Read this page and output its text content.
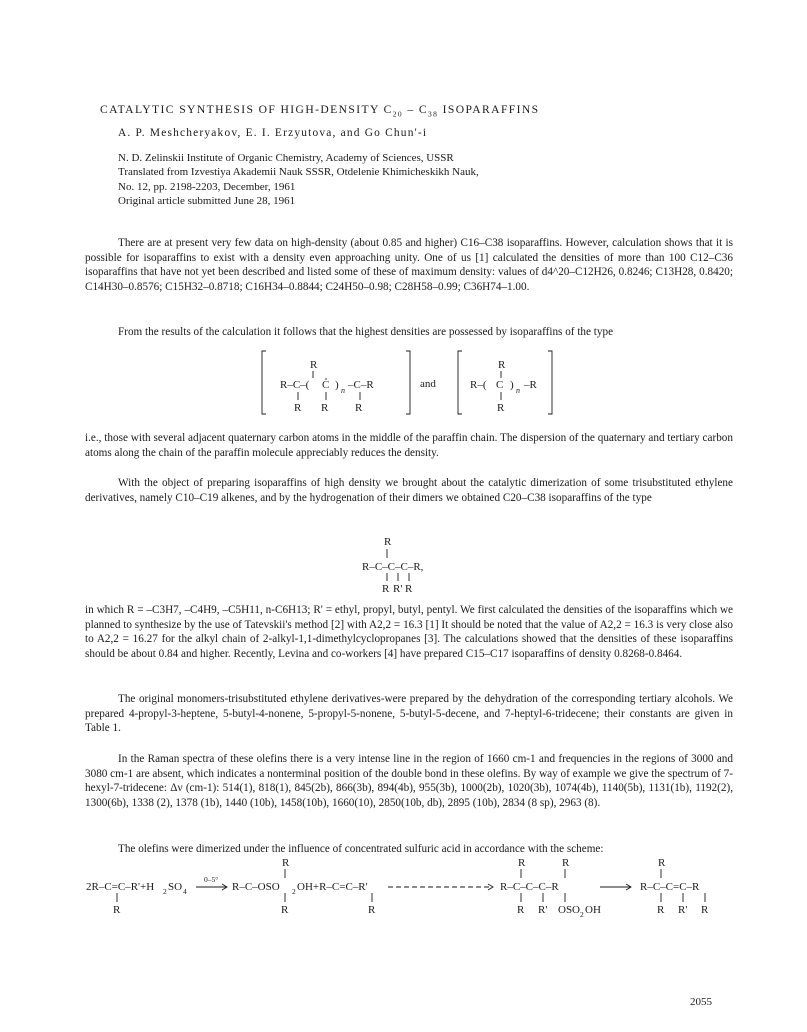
CATALYTIC SYNTHESIS OF HIGH-DENSITY $C_{20} - C_{38}$ ISOPARAFFINS
A. P. Meshcheryakov, E. I. Erzyutova, and Go Chun'-i
N. D. Zelinskii Institute of Organic Chemistry, Academy of Sciences, USSR
Translated from Izvestiya Akademii Nauk SSSR, Otdelenie Khimicheskikh Nauk,
No. 12, pp. 2198-2203, December, 1961
Original article submitted June 28, 1961
There are at present very few data on high-density (about 0.85 and higher) C16–C38 isoparaffins. However, calculation shows that it is possible for isoparaffins to exist with a density even approaching unity. One of us [1] calculated the densities of more than 100 C12–C36 isoparaffins that have not yet been described and listed some of these of maximum density: values of d4^20–C12H26, 0.8246; C13H28, 0.8420; C14H30–0.8576; C15H32–0.8718; C16H34–0.8844; C24H50–0.98; C28H58–0.99; C36H74–1.00.
From the results of the calculation it follows that the highest densities are possessed by isoparaffins of the type
R
R–C–( C ) n –C–R
R R R
and
R
R–( C ) n –R
R
i.e., those with several adjacent quaternary carbon atoms in the middle of the paraffin chain. The dispersion of the quaternary and tertiary carbon atoms along the chain of the paraffin molecule appreciably reduces the density.
With the object of preparing isoparaffins of high density we brought about the catalytic dimerization of some trisubstituted ethylene derivatives, namely C10–C19 alkenes, and by the hydrogenation of their dimers we obtained C20–C38 isoparaffins of the type
R
R–C–C–C–R,
R R' R
in which R = –C3H7, –C4H9, –C5H11, n-C6H13; R' = ethyl, propyl, butyl, pentyl. We first calculated the densities of the isoparaffins which we planned to synthesize by the use of Tatevskii's method [2] with A2,2 = 16.3 [1] It should be noted that the value of A2,2 = 16.3 is very close also to A2,2 = 16.27 for the alkyl chain of 2-alkyl-1,1-dimethylcyclopropanes [3]. The calculations showed that the densities of these isoparaffins should be about 0.84 and higher. Recently, Levina and co-workers [4] have prepared C15–C17 isoparaffins of density 0.8268-0.8464.
The original monomers-trisubstituted ethylene derivatives-were prepared by the dehydration of the corresponding tertiary alcohols. We prepared 4-propyl-3-heptene, 5-butyl-4-nonene, 5-propyl-5-nonene, 5-butyl-5-decene, and 7-heptyl-6-tridecene; their constants are given in Table 1.
In the Raman spectra of these olefins there is a very intense line in the region of 1660 cm-1 and frequencies in the regions of 3000 and 3080 cm-1 are absent, which indicates a nonterminal position of the double bond in these olefins. By way of example we give the spectrum of 7-hexyl-7-tridecene: Δν (cm-1): 514(1), 818(1), 845(2b), 866(3b), 894(4b), 955(3b), 1000(2b), 1020(3b), 1074(4b), 1140(5b), 1131(1b), 1192(2), 1300(6b), 1338 (2), 1378 (1b), 1440 (10b), 1458(10b), 1660(10), 2850(10b, db), 2895 (10b), 2834 (8 sp), 2963 (8).
The olefins were dimerized under the influence of concentrated sulfuric acid in accordance with the scheme:
2R–C=C–R'+H 2 SO 4
R
0–5°
R
R–C–OSO 2 OH+R–C=C–R'
R	R
R	R
R–C–C–C–R
R R' OSO 2 OH
R
R–C–C=C–R
R R' R
2055
